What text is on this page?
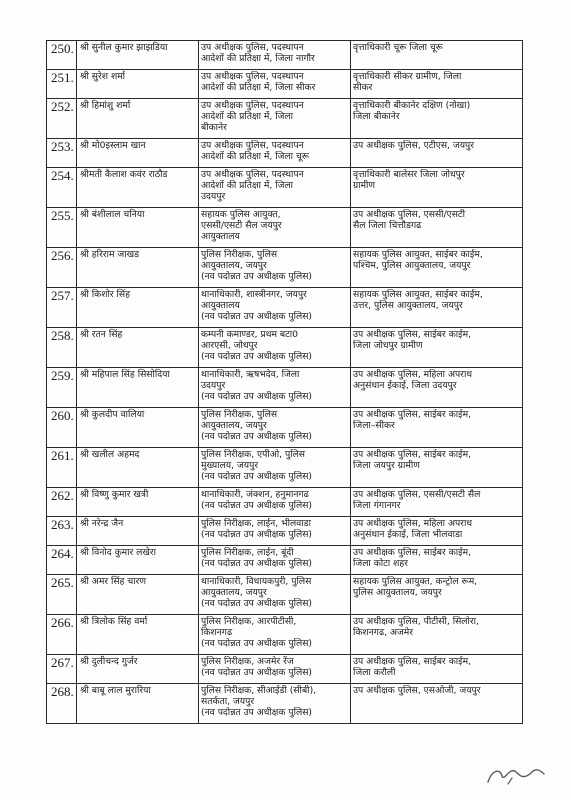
250.	श्री सुनील कुमार झाझडिया	उप अधीक्षक पुलिस, पदस्थापन
आदेशों की प्रतिक्षा में, जिला नागौर	वृत्ताधिकारी चूरू जिला चूरू

251.	श्री सुरेश शर्मा	उप अधीक्षक पुलिस, पदस्थापन
आदेशों की प्रतिक्षा में, जिला सीकर	वृत्ताधिकारी सीकर ग्रामीण, जिला
सीकर

252.	श्री हिमांशु शर्मा	उप अधीक्षक पुलिस, पदस्थापन
आदेशों की प्रतिक्षा में, जिला
बीकानेर	वृत्ताधिकारी बीकानेर दक्षिण (नोखा)
जिला बीकानेर

253.	श्री मो0इस्लाम खान	उप अधीक्षक पुलिस, पदस्थापन
आदेशों की प्रतिक्षा में, जिला चूरू	उप अधीक्षक पुलिस, एटीएस, जयपुर

254.	श्रीमती कैलाश कवंर राठौड	उप अधीक्षक पुलिस, पदस्थापन
आदेशों की प्रतिक्षा में, जिला
उदयपुर	वृत्ताधिकारी बालेसर जिला जोधपुर
ग्रामीण

255.	श्री बंशीलाल चनिया	सहायक पुलिस आयुक्त,
एससी/एसटी सैल जयपुर
आयुक्तालय	उप अधीक्षक पुलिस, एससी/एसटी
सैल जिला चित्तौडगढ

256.	श्री हरिराम जाखड	पुलिस निरीक्षक, पुलिस
आयुक्तालय, जयपुर
(नव पदोन्नत उप अधीक्षक पुलिस)	सहायक पुलिस आयुक्त, साईबर काईम,
पश्चिम, पुलिस आयुक्तालय, जयपुर

257.	श्री किशोर सिंह	थानाधिकारी, शास्त्रीनगर, जयपुर
आयुक्तालय
(नव पदोन्नत उप अधीक्षक पुलिस)	सहायक पुलिस आयुक्त, साईबर काईम,
उत्तर, पुलिस आयुक्तालय, जयपुर

258.	श्री रतन सिंह	कम्पनी कमाण्डर, प्रथम बटा0
आरएसी, जोधपुर
(नव पदोन्नत उप अधीक्षक पुलिस)	उप अधीक्षक पुलिस, साईबर काईम,
जिला जोधपुर ग्रामीण

259.	श्री महिपाल सिंह सिसोदिया	थानाधिकारी, ऋषभदेव, जिला
उदयपुर
(नव पदोन्नत उप अधीक्षक पुलिस)	उप अधीक्षक पुलिस, महिला अपराध
अनुसंधान ईकाई, जिला उदयपुर

260.	श्री कुलदीप वालिया	पुलिस निरीक्षक, पुलिस
आयुक्तालय, जयपुर
(नव पदोन्नत उप अधीक्षक पुलिस)	उप अधीक्षक पुलिस, साईबर काईम,
जिला–सीकर

261.	श्री खलील अहमद	पुलिस निरीक्षक, एपीओ, पुलिस
मुख्यालय, जयपुर
(नव पदोन्नत उप अधीक्षक पुलिस)	उप अधीक्षक पुलिस, साईबर काईम,
जिला जयपुर ग्रामीण

262.	श्री विष्णु कुमार खत्री	थानाधिकारी, जंक्शन, हनुमानगढ
(नव पदोन्नत उप अधीक्षक पुलिस)	उप अधीक्षक पुलिस, एससी/एसटी सैल
जिला गंगानगर

263.	श्री नरेन्द्र जैन	पुलिस निरीक्षक, लाईन, भीलवाडा
(नव पदोन्नत उप अधीक्षक पुलिस)	उप अधीक्षक पुलिस, महिला अपराध
अनुसंधान ईकाई, जिला भीलवाडा

264.	श्री विनोद कुमार लखेरा	पुलिस निरीक्षक, लाईन, बूंदी
(नव पदोन्नत उप अधीक्षक पुलिस)	उप अधीक्षक पुलिस, साईबर काईम,
जिला कोटा शहर

265.	श्री अमर सिंह चारण	थानाधिकारी, विधायकपुरी, पुलिस
आयुक्तालय, जयपुर
(नव पदोन्नत उप अधीक्षक पुलिस)	सहायक पुलिस आयुक्त, कन्ट्रोल रूम,
पुलिस आयुक्तालय, जयपुर

266.	श्री त्रिलोक सिंह वर्मा	पुलिस निरीक्षक, आरपीटीसी,
किशनगढ
(नव पदोन्नत उप अधीक्षक पुलिस)	उप अधीक्षक पुलिस, पीटीसी, सिलोरा,
किशनगढ, अजमेर

267.	श्री दुलीचन्द गुर्जर	पुलिस निरीक्षक, अजमेर रेंज
(नव पदोन्नत उप अधीक्षक पुलिस)	उप अधीक्षक पुलिस, साईबर काईम,
जिला करौली

268.	श्री बाबू लाल मुरारिया	पुलिस निरीक्षक, सीआईडी (सीबी),
सतर्कता, जयपुर
(नव पदोन्नत उप अधीक्षक पुलिस)	उप अधीक्षक पुलिस, एसओजी, जयपुर
